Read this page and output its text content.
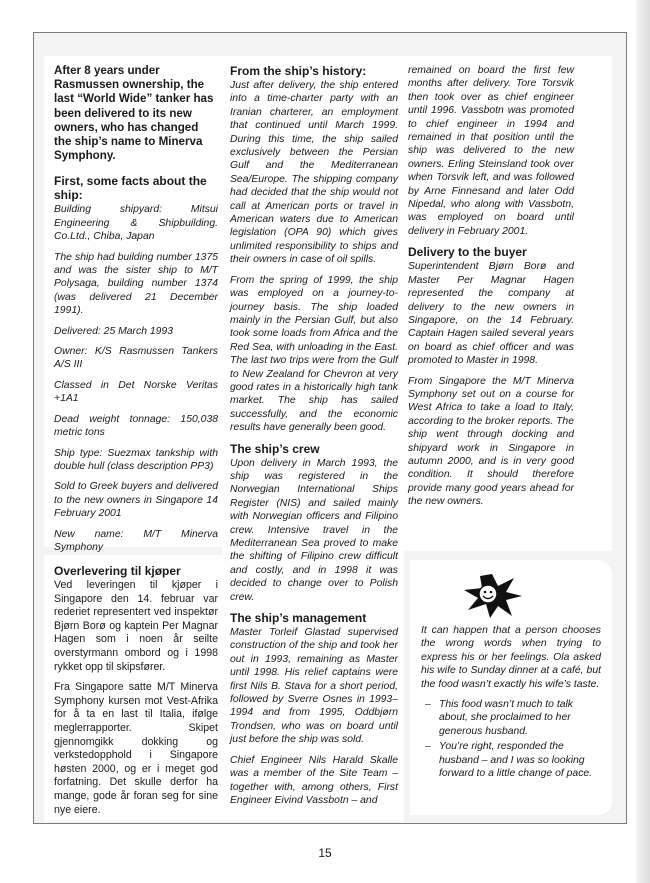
After 8 years under Rasmussen ownership, the last “World Wide” tanker has been delivered to its new owners, who has changed the ship’s name to Minerva Symphony.
First, some facts about the ship:

Building shipyard: Mitsui Engineering & Shipbuilding. Co.Ltd., Chiba, Japan

The ship had building number 1375 and was the sister ship to M/T Polysaga, building number 1374 (was delivered 21 December 1991).

Delivered: 25 March 1993

Owner: K/S Rasmussen Tankers A/S III

Classed in Det Norske Veritas +1A1

Dead weight tonnage: 150,038 metric tons

Ship type: Suezmax tankship with double hull (class description PP3)

Sold to Greek buyers and delivered to the new owners in Singapore 14 February 2001

New name: M/T Minerva Symphony

Overlevering til kjøper

Ved leveringen til kjøper i Singapore den 14. februar var rederiet representert ved inspektør Bjørn Borø og kaptein Per Magnar Hagen som i noen år seilte overstyrmann ombord og i 1998 rykket opp til skipsfører.

Fra Singapore satte M/T Minerva Symphony kursen mot Vest-Afrika for å ta en last til Italia, ifølge meglerrapporter. Skipet gjennomgikk dokking og verkstedopphold i Singapore høsten 2000, og er i meget god forfatning. Det skulle derfor ha mange, gode år foran seg for sine nye eiere.

From the ship’s history:

Just after delivery, the ship entered into a time-charter party with an Iranian charterer, an employment that continued until March 1999. During this time, the ship sailed exclusively between the Persian Gulf and the Mediterranean Sea/Europe. The shipping company had decided that the ship would not call at American ports or travel in American waters due to American legislation (OPA 90) which gives unlimited responsibility to ships and their owners in case of oil spills.

From the spring of 1999, the ship was employed on a journey-to-journey basis. The ship loaded mainly in the Persian Gulf, but also took some loads from Africa and the Red Sea, with unloading in the East. The last two trips were from the Gulf to New Zealand for Chevron at very good rates in a historically high tank market. The ship has sailed successfully, and the economic results have generally been good.

The ship’s crew

Upon delivery in March 1993, the ship was registered in the Norwegian International Ships Register (NIS) and sailed mainly with Norwegian officers and Filipino crew. Intensive travel in the Mediterranean Sea proved to make the shifting of Filipino crew difficult and costly, and in 1998 it was decided to change over to Polish crew.

The ship’s management

Master Torleif Glastad supervised construction of the ship and took her out in 1993, remaining as Master until 1998. His relief captains were first Nils B. Stava for a short period, followed by Sverre Osnes in 1993–1994 and from 1995, Oddbjørn Trondsen, who was on board until just before the ship was sold.

Chief Engineer Nils Harald Skalle was a member of the Site Team – together with, among others, First Engineer Eivind Vassbotn – and

remained on board the first few months after delivery. Tore Torsvik then took over as chief engineer until 1996. Vassbotn was promoted to chief engineer in 1994 and remained in that position until the ship was delivered to the new owners. Erling Steinsland took over when Torsvik left, and was followed by Arne Finnesand and later Odd Nipedal, who along with Vassbotn, was employed on board until delivery in February 2001.

Delivery to the buyer

Superintendent Bjørn Borø and Master Per Magnar Hagen represented the company at delivery to the new owners in Singapore, on the 14 February. Captain Hagen sailed several years on board as chief officer and was promoted to Master in 1998.

From Singapore the M/T Minerva Symphony set out on a course for West Africa to take a load to Italy, according to the broker reports. The ship went through docking and shipyard work in Singapore in autumn 2000, and is in very good condition. It should therefore provide many good years ahead for the new owners.

It can happen that a person chooses the wrong words when trying to express his or her feelings. Ola asked his wife to Sunday dinner at a café, but the food wasn’t exactly his wife’s taste.

– This food wasn’t much to talk about, she proclaimed to her generous husband.
– You’re right, responded the husband – and I was so looking forward to a little change of pace.
15
